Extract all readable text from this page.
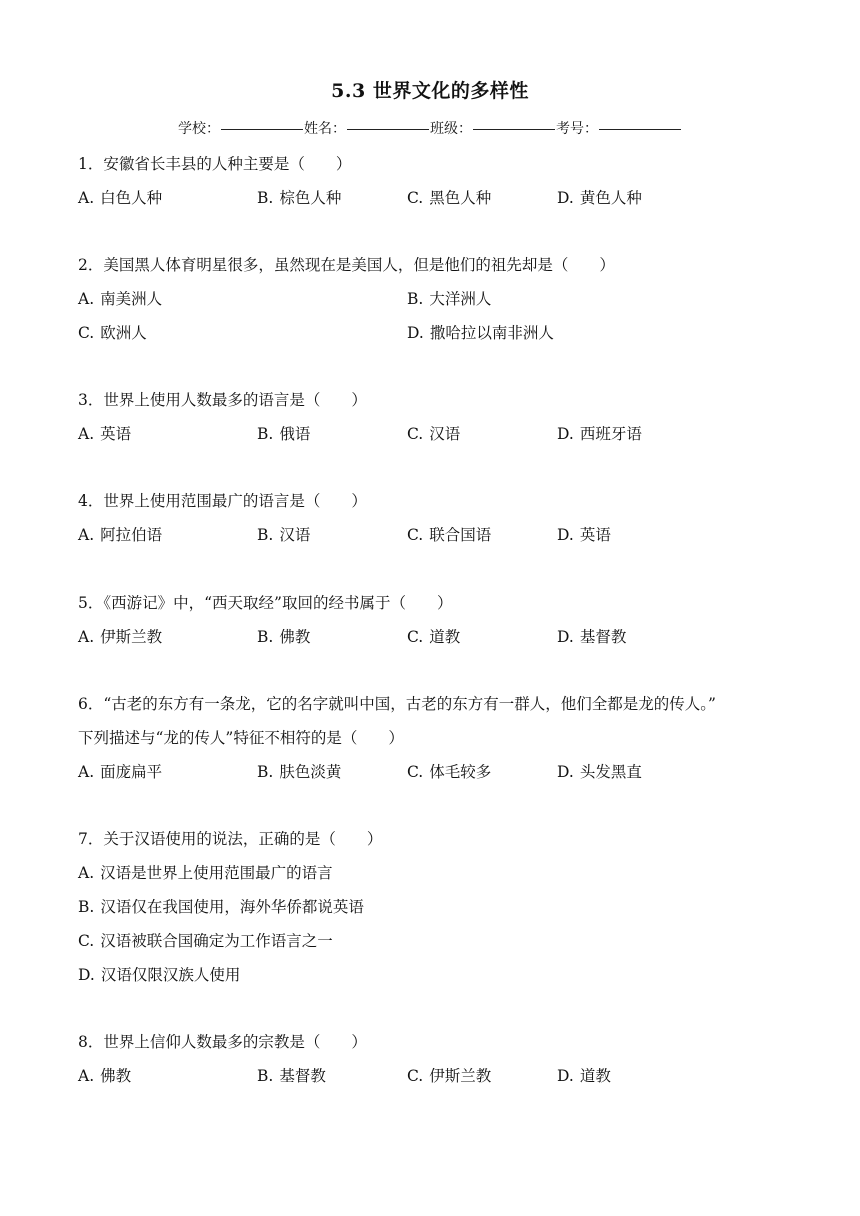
5.3 世界文化的多样性
学校：	姓名：	班级：	考号：
1．安徽省长丰县的人种主要是（　　）
A. 白色人种	B. 棕色人种	C. 黑色人种	D. 黄色人种
2．美国黑人体育明星很多，虽然现在是美国人，但是他们的祖先却是（　　）
A. 南美洲人	B. 大洋洲人
C. 欧洲人	D. 撒哈拉以南非洲人
3．世界上使用人数最多的语言是（　　）
A. 英语	B. 俄语	C. 汉语	D. 西班牙语
4．世界上使用范围最广的语言是（　　）
A. 阿拉伯语	B. 汉语	C. 联合国语	D. 英语
5．《西游记》中，“西天取经”取回的经书属于（　　）
A. 伊斯兰教	B. 佛教	C. 道教	D. 基督教
6．“古老的东方有一条龙，它的名字就叫中国，古老的东方有一群人，他们全都是龙的传人。”
下列描述与“龙的传人”特征不相符的是（　　）
A. 面庞扁平	B. 肤色淡黄	C. 体毛较多	D. 头发黑直
7．关于汉语使用的说法，正确的是（　　）
A. 汉语是世界上使用范围最广的语言
B. 汉语仅在我国使用，海外华侨都说英语
C. 汉语被联合国确定为工作语言之一
D. 汉语仅限汉族人使用
8．世界上信仰人数最多的宗教是（　　）
A. 佛教	B. 基督教	C. 伊斯兰教	D. 道教
